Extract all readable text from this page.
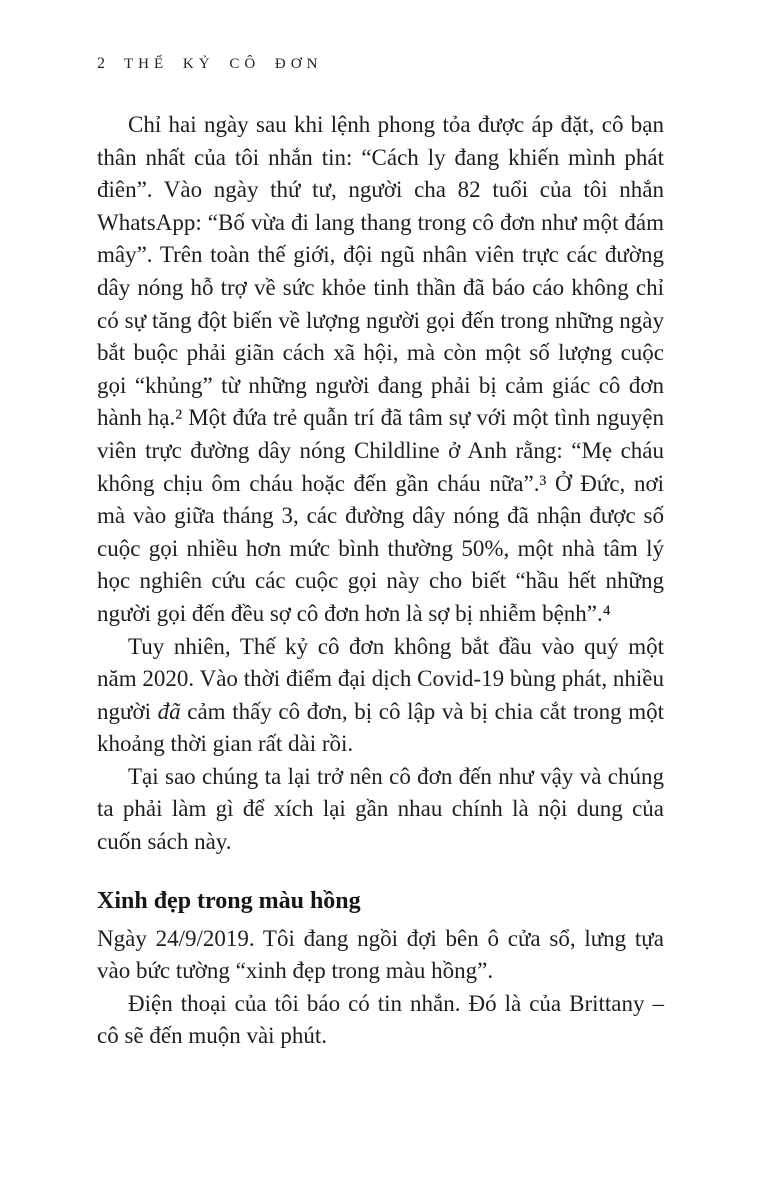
2 THẾ KỶ CÔ ĐƠN

Chỉ hai ngày sau khi lệnh phong tỏa được áp đặt, cô bạn thân nhất của tôi nhắn tin: “Cách ly đang khiến mình phát điên”. Vào ngày thứ tư, người cha 82 tuổi của tôi nhắn WhatsApp: “Bố vừa đi lang thang trong cô đơn như một đám mây”. Trên toàn thế giới, đội ngũ nhân viên trực các đường dây nóng hỗ trợ về sức khỏe tinh thần đã báo cáo không chỉ có sự tăng đột biến về lượng người gọi đến trong những ngày bắt buộc phải giãn cách xã hội, mà còn một số lượng cuộc gọi “khủng” từ những người đang phải bị cảm giác cô đơn hành hạ.² Một đứa trẻ quẫn trí đã tâm sự với một tình nguyện viên trực đường dây nóng Childline ở Anh rằng: “Mẹ cháu không chịu ôm cháu hoặc đến gần cháu nữa”.³ Ở Đức, nơi mà vào giữa tháng 3, các đường dây nóng đã nhận được số cuộc gọi nhiều hơn mức bình thường 50%, một nhà tâm lý học nghiên cứu các cuộc gọi này cho biết “hầu hết những người gọi đến đều sợ cô đơn hơn là sợ bị nhiễm bệnh”.⁴

Tuy nhiên, Thế kỷ cô đơn không bắt đầu vào quý một năm 2020. Vào thời điểm đại dịch Covid-19 bùng phát, nhiều người đã cảm thấy cô đơn, bị cô lập và bị chia cắt trong một khoảng thời gian rất dài rồi.

Tại sao chúng ta lại trở nên cô đơn đến như vậy và chúng ta phải làm gì để xích lại gần nhau chính là nội dung của cuốn sách này.

Xinh đẹp trong màu hồng

Ngày 24/9/2019. Tôi đang ngồi đợi bên ô cửa sổ, lưng tựa vào bức tường “xinh đẹp trong màu hồng”.

Điện thoại của tôi báo có tin nhắn. Đó là của Brittany – cô sẽ đến muộn vài phút.
